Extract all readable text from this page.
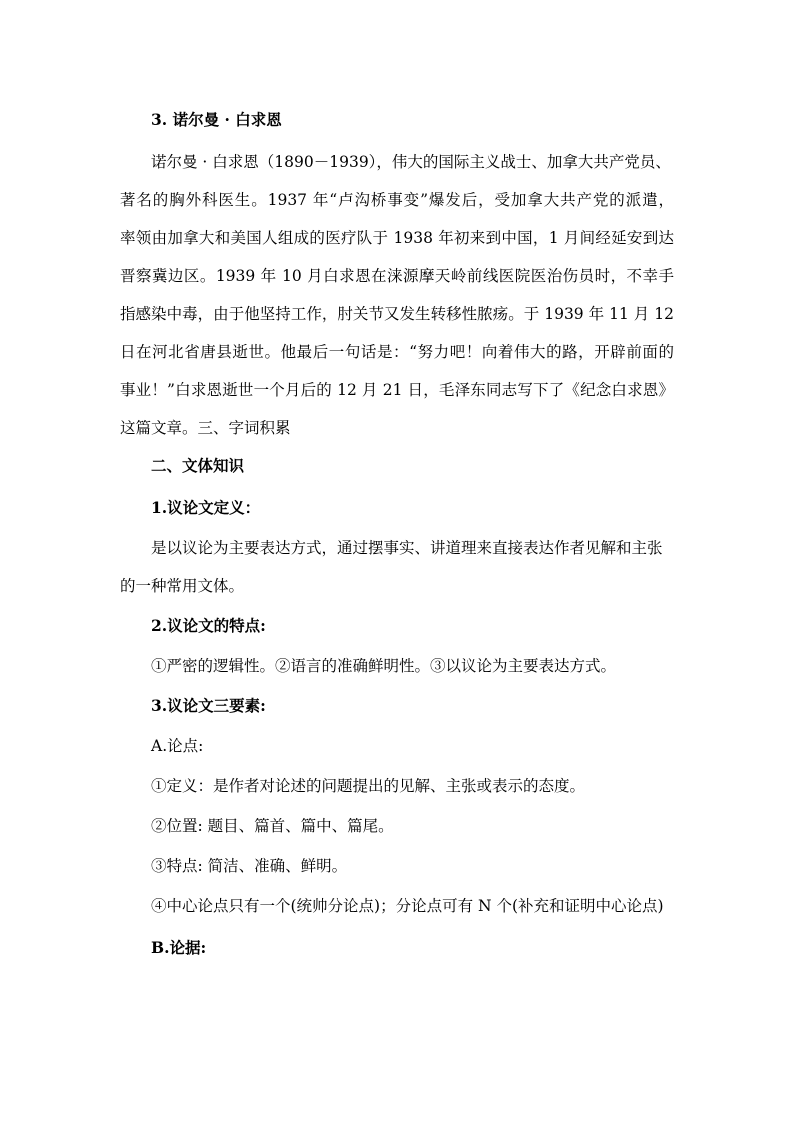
3. 诺尔曼 · 白求恩
诺尔曼 · 白求恩（1890－1939），伟大的国际主义战士、加拿大共产党员、
著名的胸外科医生。1937 年“卢沟桥事变”爆发后，受加拿大共产党的派遣，
率领由加拿大和美国人组成的医疗队于 1938 年初来到中国，1 月间经延安到达
晋察冀边区。1939 年 10 月白求恩在涞源摩天岭前线医院医治伤员时，不幸手
指感染中毒，由于他坚持工作，肘关节又发生转移性脓疡。于 1939 年 11 月 12
日在河北省唐县逝世。他最后一句话是：“努力吧！向着伟大的路，开辟前面的
事业！”白求恩逝世一个月后的 12 月 21 日，毛泽东同志写下了《纪念白求恩》
这篇文章。三、字词积累
二、文体知识
1.议论文定义：
是以议论为主要表达方式，通过摆事实、讲道理来直接表达作者见解和主张
的一种常用文体。
2.议论文的特点:
①严密的逻辑性。②语言的准确鲜明性。③以议论为主要表达方式。
3.议论文三要素:
A.论点:
①定义：是作者对论述的问题提出的见解、主张或表示的态度。
②位置: 题目、篇首、篇中、篇尾。
③特点: 简洁、准确、鲜明。
④中心论点只有一个(统帅分论点)；分论点可有 N 个(补充和证明中心论点)
B.论据:
